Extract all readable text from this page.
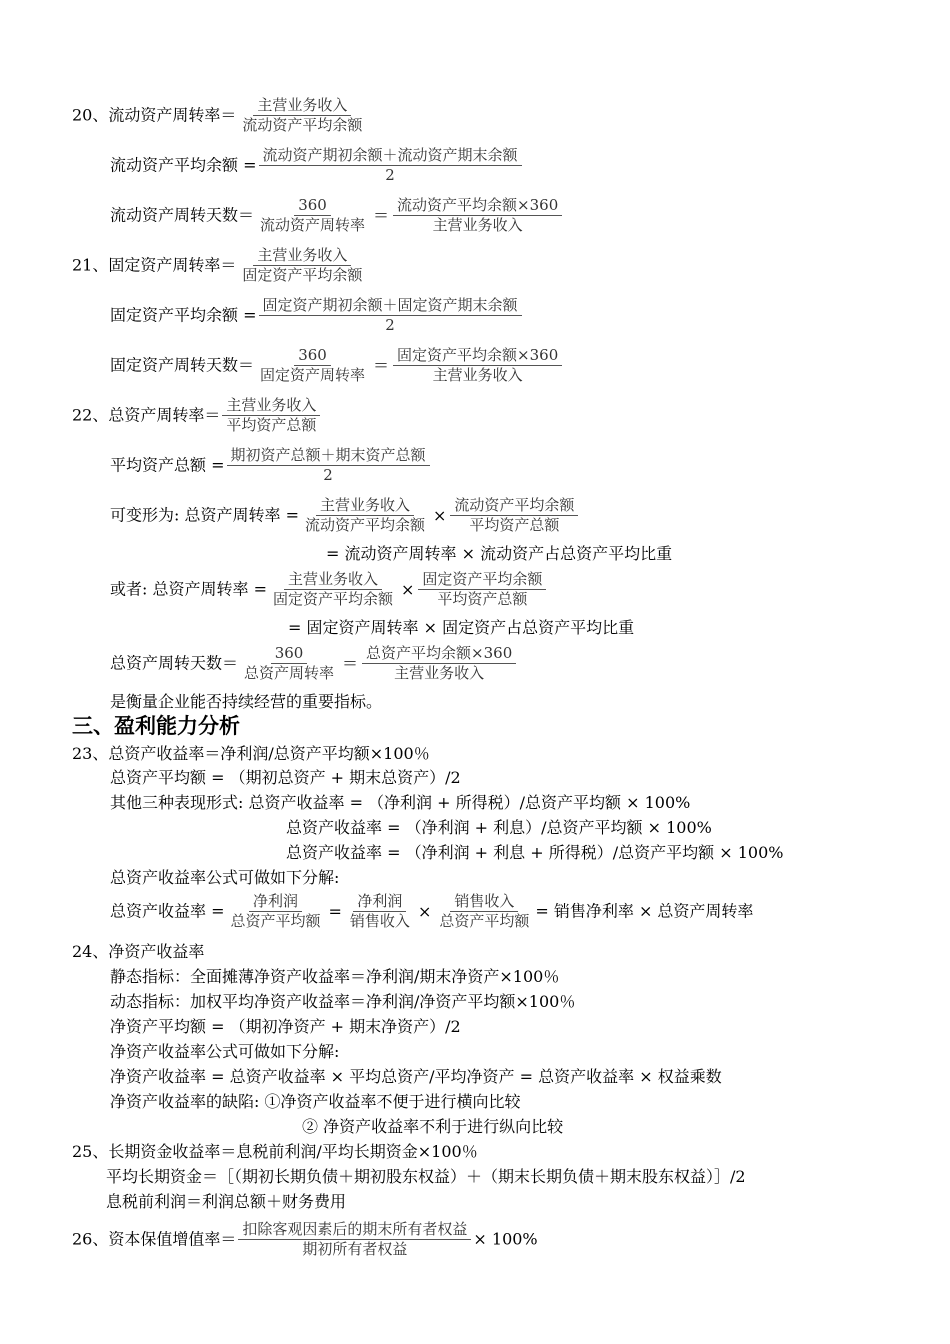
20、流动资产周转率＝ $\frac{\text{主营业务收入}}{\text{流动资产平均余额}}$
流动资产平均余额 = $\frac{\text{流动资产期初余额＋流动资产期末余额}}{2}$
流动资产周转天数＝ $\frac{360}{\text{流动资产周转率}} = \frac{\text{流动资产平均余额×360}}{\text{主营业务收入}}$
21、固定资产周转率＝ $\frac{\text{主营业务收入}}{\text{固定资产平均余额}}$
固定资产平均余额 = $\frac{\text{固定资产期初余额＋固定资产期末余额}}{2}$
固定资产周转天数＝ $\frac{360}{\text{固定资产周转率}} = \frac{\text{固定资产平均余额×360}}{\text{主营业务收入}}$
22、总资产周转率＝ $\frac{\text{主营业务收入}}{\text{平均资产总额}}$
平均资产总额 = $\frac{\text{期初资产总额＋期末资产总额}}{2}$
可变形为: 总资产周转率 = $\frac{\text{主营业务收入}}{\text{流动资产平均余额}} \times \frac{\text{流动资产平均余额}}{\text{平均资产总额}}$
= 流动资产周转率 × 流动资产占总资产平均比重
或者: 总资产周转率 = $\frac{\text{主营业务收入}}{\text{固定资产平均余额}} \times \frac{\text{固定资产平均余额}}{\text{平均资产总额}}$
= 固定资产周转率 × 固定资产占总资产平均比重
总资产周转天数＝ $\frac{360}{\text{总资产周转率}} = \frac{\text{总资产平均余额×360}}{\text{主营业务收入}}$
是衡量企业能否持续经营的重要指标。
三、盈利能力分析
23、总资产收益率＝净利润/总资产平均额×100％
总资产平均额 = （期初总资产 + 期末总资产）/2
其他三种表现形式: 总资产收益率 = （净利润 + 所得税）/总资产平均额 × 100%
总资产收益率 = （净利润 + 利息）/总资产平均额 × 100%
总资产收益率 = （净利润 + 利息 + 所得税）/总资产平均额 × 100%
总资产收益率公式可做如下分解:
总资产收益率 = $\frac{\text{净利润}}{\text{总资产平均额}} = \frac{\text{净利润}}{\text{销售收入}} \times \frac{\text{销售收入}}{\text{总资产平均额}}$ = 销售净利率 × 总资产周转率
24、净资产收益率
静态指标：全面摊薄净资产收益率＝净利润/期末净资产×100％
动态指标：加权平均净资产收益率＝净利润/净资产平均额×100％
净资产平均额 = （期初净资产 + 期末净资产）/2
净资产收益率公式可做如下分解:
净资产收益率 = 总资产收益率 × 平均总资产/平均净资产 = 总资产收益率 × 权益乘数
净资产收益率的缺陷: ①净资产收益率不便于进行横向比较
② 净资产收益率不利于进行纵向比较
25、长期资金收益率＝息税前利润/平均长期资金×100％
平均长期资金＝［（期初长期负债＋期初股东权益）＋（期末长期负债＋期末股东权益）］/2
息税前利润＝利润总额＋财务费用
26、资本保值增值率＝ $\frac{\text{扣除客观因素后的期末所有者权益}}{\text{期初所有者权益}} \times 100\%$
